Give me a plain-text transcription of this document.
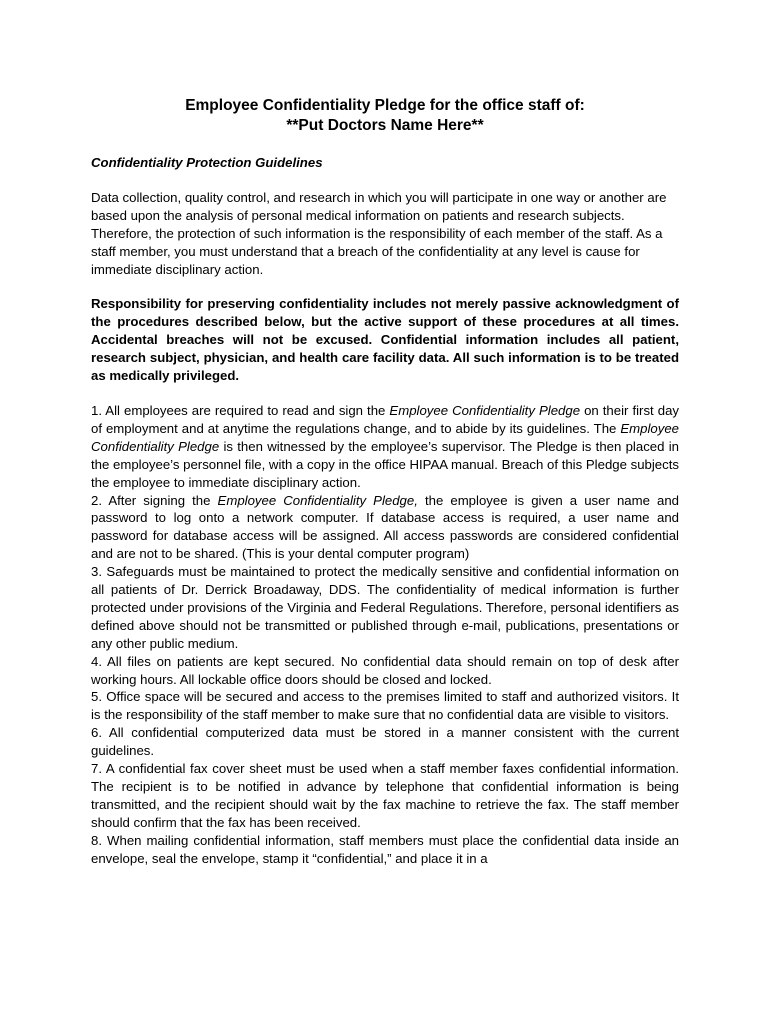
Employee Confidentiality Pledge for the office staff of:
**Put Doctors Name Here**

Confidentiality Protection Guidelines

Data collection, quality control, and research in which you will participate in one way or another are based upon the analysis of personal medical information on patients and research subjects. Therefore, the protection of such information is the responsibility of each member of the staff. As a staff member, you must understand that a breach of the confidentiality at any level is cause for immediate disciplinary action.

Responsibility for preserving confidentiality includes not merely passive acknowledgment of the procedures described below, but the active support of these procedures at all times. Accidental breaches will not be excused. Confidential information includes all patient, research subject, physician, and health care facility data. All such information is to be treated as medically privileged.

1. All employees are required to read and sign the Employee Confidentiality Pledge on their first day of employment and at anytime the regulations change, and to abide by its guidelines. The Employee Confidentiality Pledge is then witnessed by the employee’s supervisor. The Pledge is then placed in the employee’s personnel file, with a copy in the office HIPAA manual. Breach of this Pledge subjects the employee to immediate disciplinary action.
2. After signing the Employee Confidentiality Pledge, the employee is given a user name and password to log onto a network computer. If database access is required, a user name and password for database access will be assigned. All access passwords are considered confidential and are not to be shared. (This is your dental computer program)
3. Safeguards must be maintained to protect the medically sensitive and confidential information on all patients of Dr. Derrick Broadaway, DDS. The confidentiality of medical information is further protected under provisions of the Virginia and Federal Regulations. Therefore, personal identifiers as defined above should not be transmitted or published through e-mail, publications, presentations or any other public medium.
4. All files on patients are kept secured. No confidential data should remain on top of desk after working hours. All lockable office doors should be closed and locked.
5. Office space will be secured and access to the premises limited to staff and authorized visitors. It is the responsibility of the staff member to make sure that no confidential data are visible to visitors.
6. All confidential computerized data must be stored in a manner consistent with the current guidelines.
7. A confidential fax cover sheet must be used when a staff member faxes confidential information. The recipient is to be notified in advance by telephone that confidential information is being transmitted, and the recipient should wait by the fax machine to retrieve the fax. The staff member should confirm that the fax has been received.
8. When mailing confidential information, staff members must place the confidential data inside an envelope, seal the envelope, stamp it “confidential,” and place it in a
